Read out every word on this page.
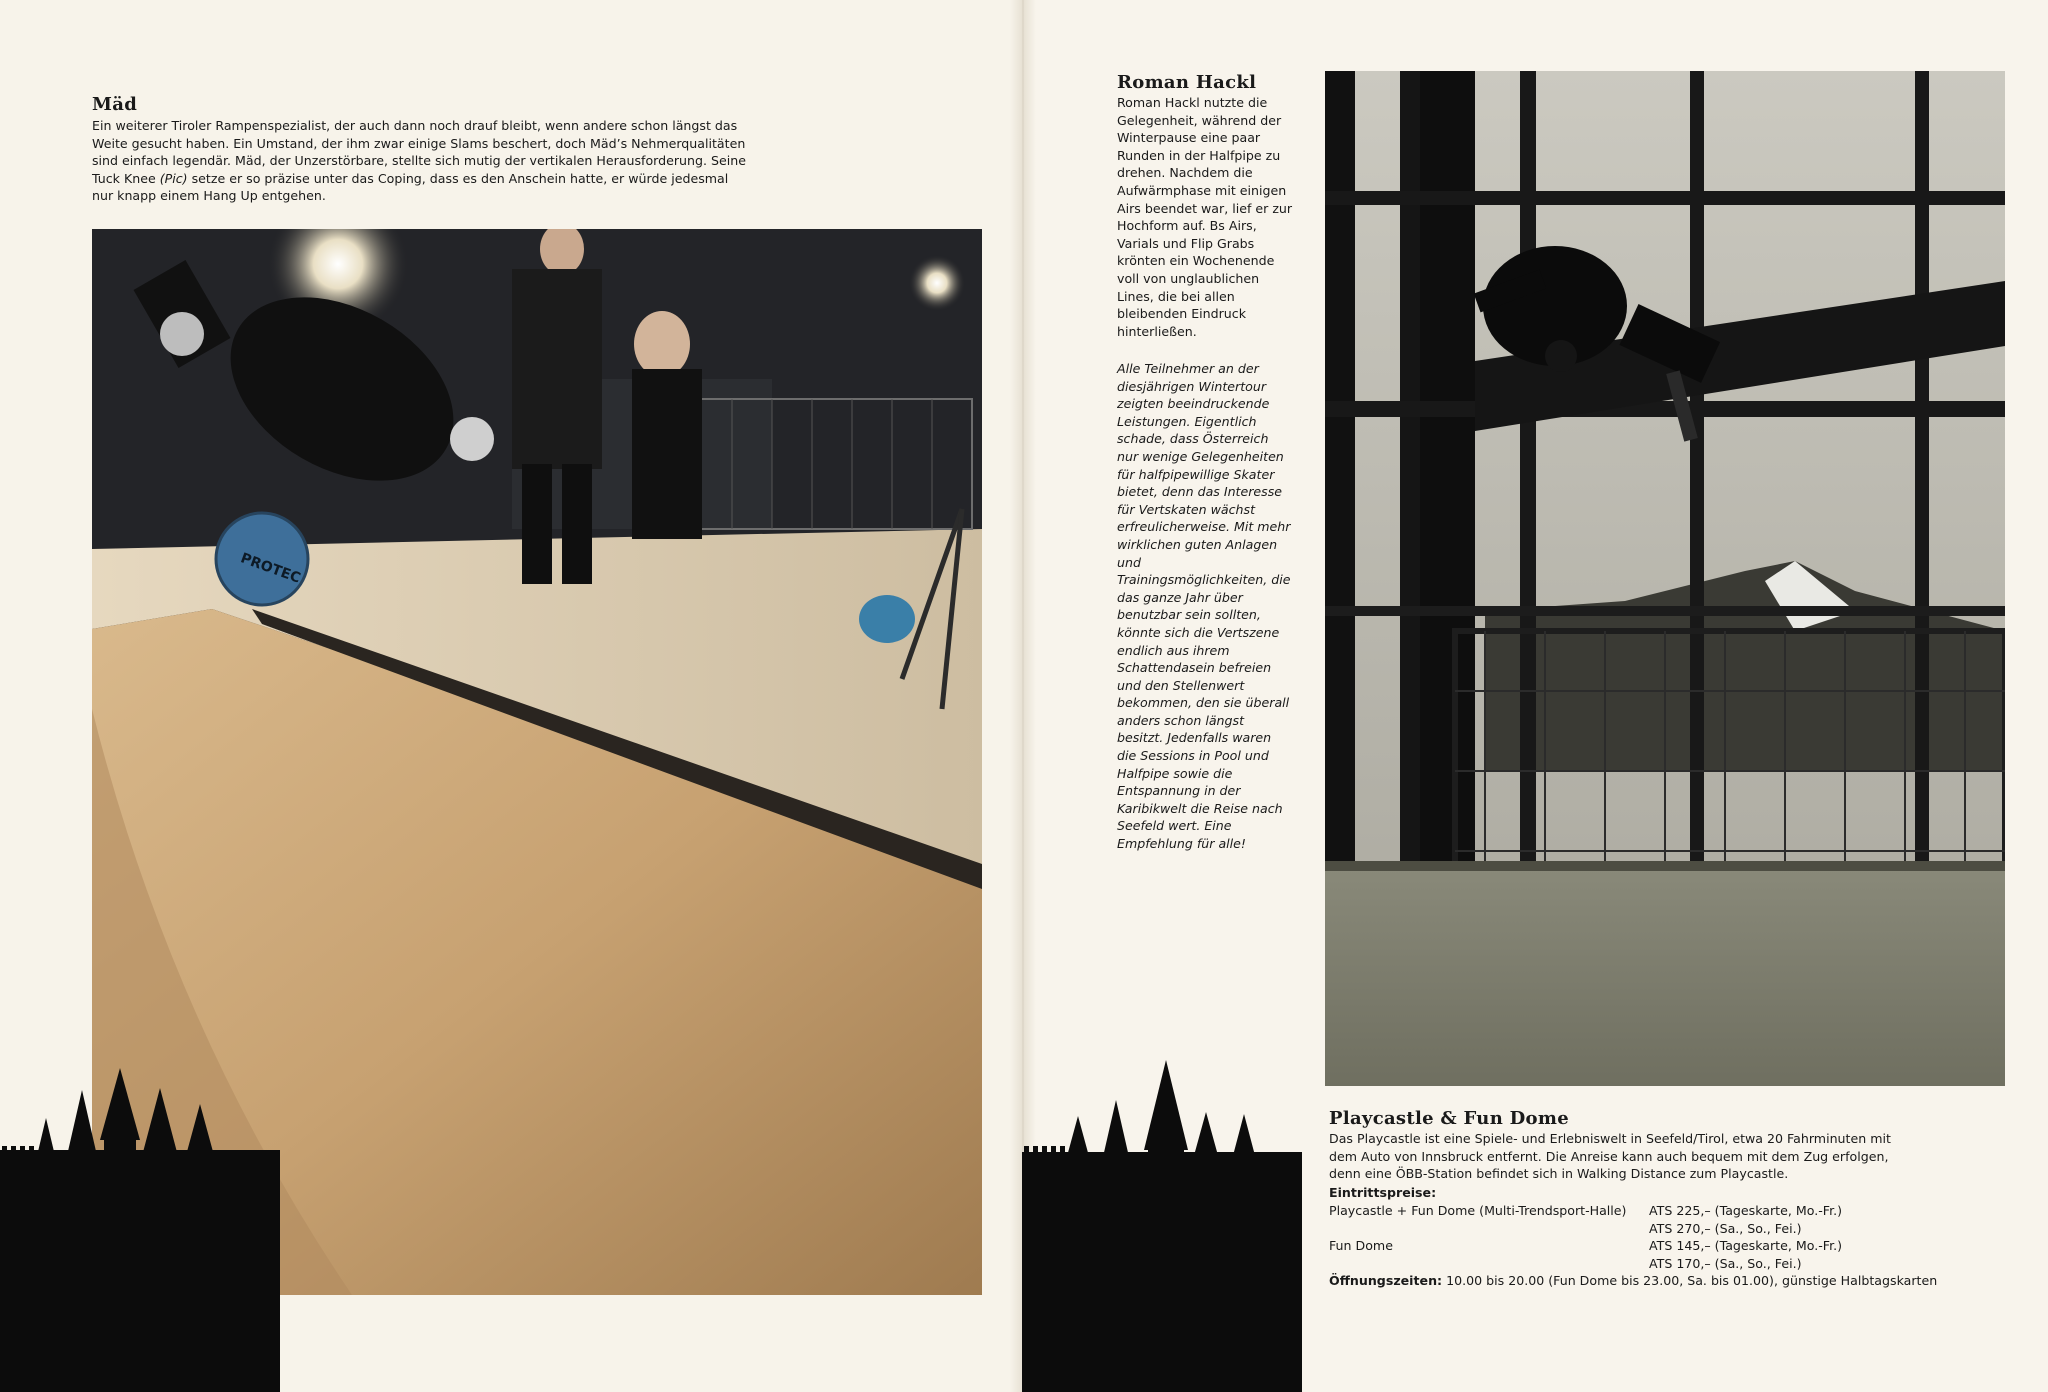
Mäd
Ein weiterer Tiroler Rampenspezialist, der auch dann noch drauf bleibt, wenn andere schon längst das Weite gesucht haben. Ein Umstand, der ihm zwar einige Slams beschert, doch Mäd’s Nehmerqualitäten sind einfach legendär. Mäd, der Unzerstörbare, stellte sich mutig der vertikalen Herausforderung. Seine Tuck Knee (Pic) setze er so präzise unter das Coping, dass es den Anschein hatte, er würde jedesmal nur knapp einem Hang Up entgehen.
PROTEC
Roman Hackl
Roman Hackl nutzte die Gelegenheit, während der Winterpause eine paar Runden in der Halfpipe zu drehen. Nachdem die Aufwärmphase mit einigen Airs beendet war, lief er zur Hochform auf. Bs Airs, Varials und Flip Grabs krönten ein Wochenende voll von unglaublichen Lines, die bei allen bleibenden Eindruck hinterließen.
Alle Teilnehmer an der diesjährigen Wintertour zeigten beeindruckende Leistungen. Eigentlich schade, dass Österreich nur wenige Gelegenheiten für halfpipewillige Skater bietet, denn das Interesse für Vertskaten wächst erfreulicherweise. Mit mehr wirklichen guten Anlagen und Trainingsmöglichkeiten, die das ganze Jahr über benutzbar sein sollten, könnte sich die Vertszene endlich aus ihrem Schattendasein befreien und den Stellenwert bekommen, den sie überall anders schon längst besitzt. Jedenfalls waren die Sessions in Pool und Halfpipe sowie die Entspannung in der Karibikwelt die Reise nach Seefeld wert. Eine Empfehlung für alle!
Playcastle & Fun Dome
Das Playcastle ist eine Spiele- und Erlebniswelt in Seefeld/Tirol, etwa 20 Fahrminuten mit dem Auto von Innsbruck entfernt. Die Anreise kann auch bequem mit dem Zug erfolgen, denn eine ÖBB-Station befindet sich in Walking Distance zum Playcastle.
Eintrittspreise:
Playcastle + Fun Dome (Multi-Trendsport-Halle)	ATS 225,– (Tageskarte, Mo.-Fr.)
	ATS 270,– (Sa., So., Fei.)
Fun Dome	ATS 145,– (Tageskarte, Mo.-Fr.)
	ATS 170,– (Sa., So., Fei.)
Öffnungszeiten: 10.00 bis 20.00 (Fun Dome bis 23.00, Sa. bis 01.00), günstige Halbtagskarten
